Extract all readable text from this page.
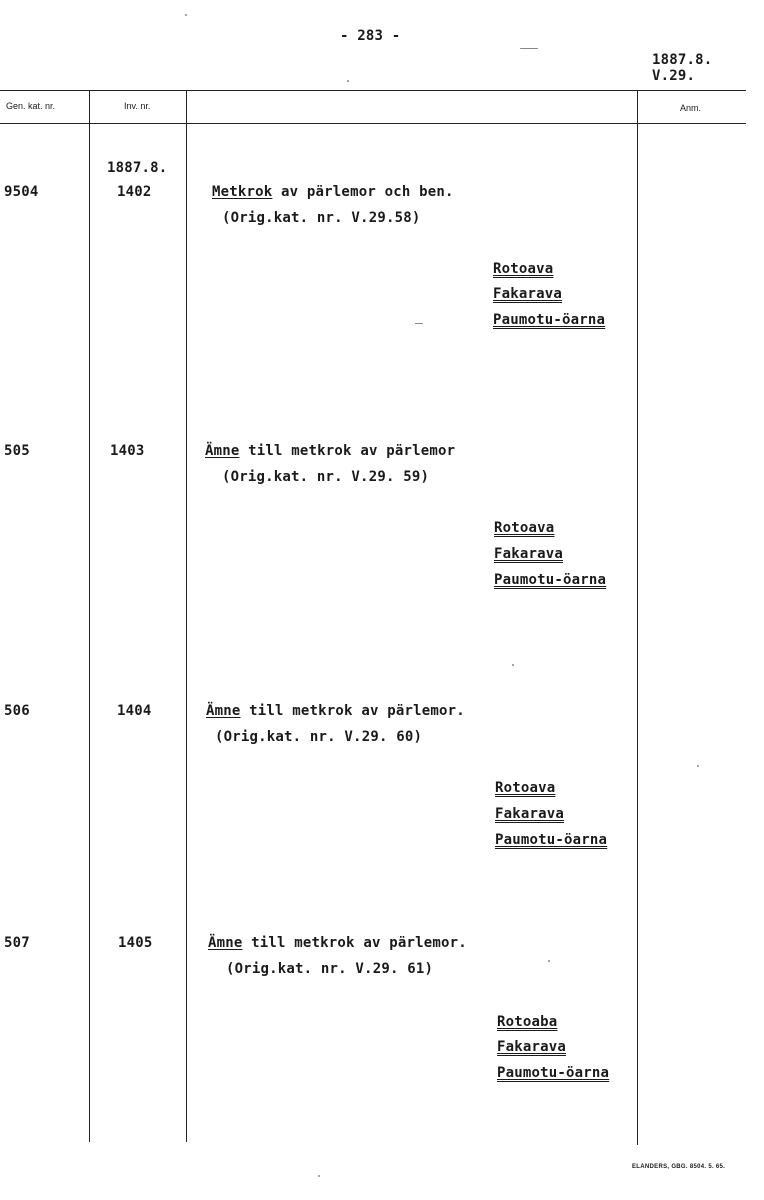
- 283 -
1887.8.
V.29.
Gen. kat. nr.	Inv. nr.	Anm.
1887.8.
9504	1402	Metkrok av pärlemor och ben.
(Orig.kat. nr. V.29.58)
Rotoava
Fakarava
Paumotu-öarna
505	1403	Ämne till metkrok av pärlemor
(Orig.kat. nr. V.29. 59)
Rotoava
Fakarava
Paumotu-öarna
506	1404	Ämne till metkrok av pärlemor.
(Orig.kat. nr. V.29. 60)
Rotoava
Fakarava
Paumotu-öarna
507	1405	Ämne till metkrok av pärlemor.
(Orig.kat. nr. V.29. 61)
Rotoaba
Fakarava
Paumotu-öarna
ELANDERS, GBG. 8504. 5. 65.
